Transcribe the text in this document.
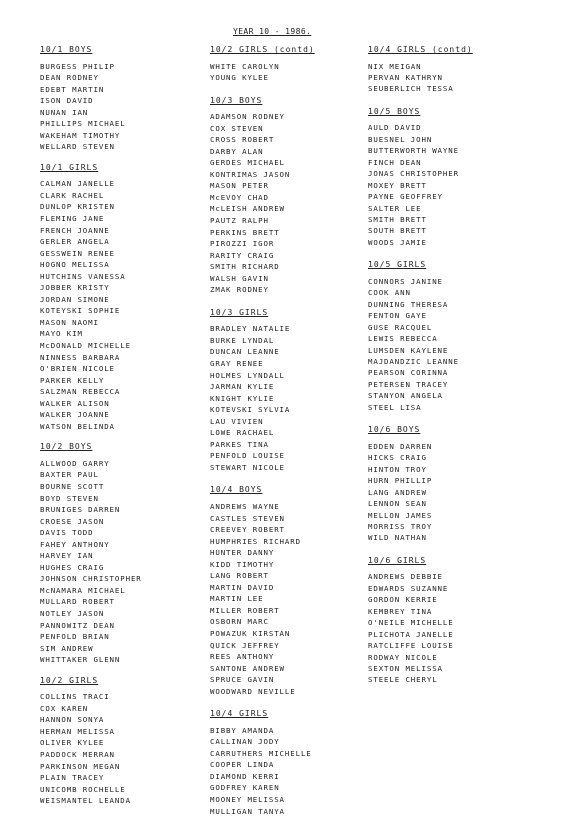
YEAR 10 - 1986.
10/1 BOYS
BURGESS PHILIP
DEAN RODNEY
EDEBT MARTIN
ISON DAVID
NUNAN IAN
PHILLIPS MICHAEL
WAKEHAM TIMOTHY
WELLARD STEVEN
10/1 GIRLS
CALMAN JANELLE
CLARK RACHEL
DUNLOP KRISTEN
FLEMING JANE
FRENCH JOANNE
GERLER ANGELA
GESSWEIN RENEE
HOGNO MELISSA
HUTCHINS VANESSA
JOBBER KRISTY
JORDAN SIMONE
KOTEYSKI SOPHIE
MASON NAOMI
MAYO KIM
McDONALD MICHELLE
NINNESS BARBARA
O'BRIEN NICOLE
PARKER KELLY
SALZMAN REBECCA
WALKER ALISON
WALKER JOANNE
WATSON BELINDA
10/2 BOYS
ALLWOOD GARRY
BAXTER PAUL
BOURNE SCOTT
BOYD STEVEN
BRUNIGES DARREN
CROESE JASON
DAVIS TODD
FAHEY ANTHONY
HARVEY IAN
HUGHES CRAIG
JOHNSON CHRISTOPHER
McNAMARA MICHAEL
MULLARD ROBERT
NOTLEY JASON
PANNOWITZ DEAN
PENFOLD BRIAN
SIM ANDREW
WHITTAKER GLENN
10/2 GIRLS
COLLINS TRACI
COX KAREN
HANNON SONYA
HERMAN MELISSA
OLIVER KYLEE
PADDOCK MERRAN
PARKINSON MEGAN
PLAIN TRACEY
UNICOMB ROCHELLE
WEISMANTEL LEANDA
10/2 GIRLS (contd)
WHITE CAROLYN
YOUNG KYLEE
10/3 BOYS
ADAMSON RODNEY
COX STEVEN
CROSS ROBERT
DARBY ALAN
GERDES MICHAEL
KONTRIMAS JASON
MASON PETER
McEVOY CHAD
McLEISH ANDREW
PAUTZ RALPH
PERKINS BRETT
PIROZZI IGOR
RARITY CRAIG
SMITH RICHARD
WALSH GAVIN
ZMAK RODNEY
10/3 GIRLS
BRADLEY NATALIE
BURKE LYNDAL
DUNCAN LEANNE
GRAY RENEE
HOLMES LYNDALL
JARMAN KYLIE
KNIGHT KYLIE
KOTEVSKI SYLVIA
LAU VIVIEN
LOWE RACHAEL
PARKES TINA
PENFOLD LOUISE
STEWART NICOLE
10/4 BOYS
ANDREWS WAYNE
CASTLES STEVEN
CREEVEY ROBERT
HUMPHRIES RICHARD
HUNTER DANNY
KIDD TIMOTHY
LANG ROBERT
MARTIN DAVID
MARTIN LEE
MILLER ROBERT
OSBORN MARC
POWAZUK KIRSTAN
QUICK JEFFREY
REES ANTHONY
SANTONE ANDREW
SPRUCE GAVIN
WOODWARD NEVILLE
10/4 GIRLS
BIBBY AMANDA
CALLINAN JODY
CARRUTHERS MICHELLE
COOPER LINDA
DIAMOND KERRI
GODFREY KAREN
MOONEY MELISSA
MULLIGAN TANYA
10/4 GIRLS (contd)
NIX MEIGAN
PERVAN KATHRYN
SEUBERLICH TESSA
10/5 BOYS
AULD DAVID
BUESNEL JOHN
BUTTERWORTH WAYNE
FINCH DEAN
JONAS CHRISTOPHER
MOXEY BRETT
PAYNE GEOFFREY
SALTER LEE
SMITH BRETT
SOUTH BRETT
WOODS JAMIE
10/5 GIRLS
CONNORS JANINE
COOK ANN
DUNNING THERESA
FENTON GAYE
GUSE RACQUEL
LEWIS REBECCA
LUMSDEN KAYLENE
MAJDANDZIC LEANNE
PEARSON CORINNA
PETERSEN TRACEY
STANYON ANGELA
STEEL LISA
10/6 BOYS
EDDEN DARREN
HICKS CRAIG
HINTON TROY
HURN PHILLIP
LANG ANDREW
LENNON SEAN
MELLON JAMES
MORRISS TROY
WILD NATHAN
10/6 GIRLS
ANDREWS DEBBIE
EDWARDS SUZANNE
GORDON KERRIE
KEMBREY TINA
O'NEILE MICHELLE
PLICHOTA JANELLE
RATCLIFFE LOUISE
RODWAY NICOLE
SEXTON MELISSA
STEELE CHERYL
